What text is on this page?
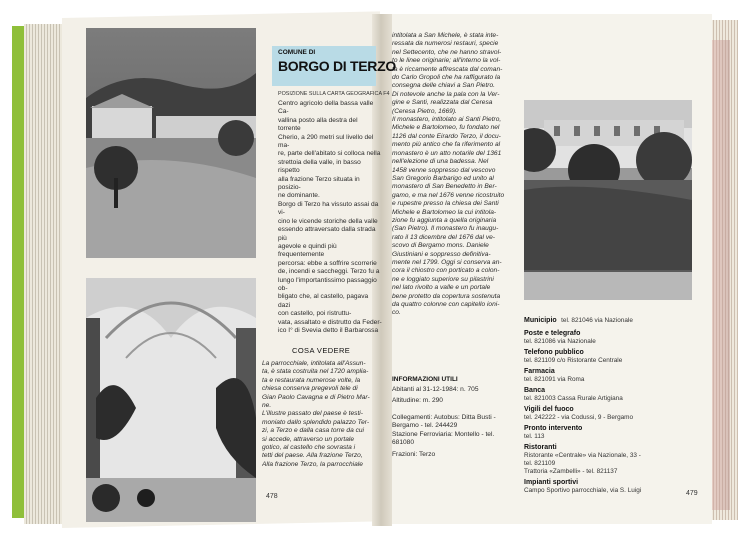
COMUNE DI
BORGO DI TERZO
POSIZIONE SULLA CARTA GEOGRAFICA F4

Centro agricolo della bassa valle Ca-
vallina posto alla destra del torrente
Cherio, a 290 metri sul livello del ma-
re, parte dell'abitato si colloca nella
strettoia della valle, in basso rispetto
alla frazione Terzo situata in posizio-
ne dominante.
Borgo di Terzo ha vissuto assai da vi-
cino le vicende storiche della valle
essendo attraversato dalla strada più
agevole e quindi più frequentemente
percorsa: ebbe a soffrire scorrerie
de, incendi e saccheggi. Terzo fu a
lungo l'importantissimo passaggio ob-
bligato che, al castello, pagava dazi
con castello, poi ristruttu-
vata, assaltato e distrutto da Feder-
ico I° di Svevia detto il Barbarossa

COSA VEDERE

La parrocchiale, intitolata all'Assun-
ta, è stata costruita nel 1720 amplia-
ta e restaurata numerose volte, la
chiesa conserva pregevoli tele di
Gian Paolo Cavagna e di Pietro Mar-
ne.
L'illustre passato del paese è testi-
moniato dallo splendido palazzo Ter-
zi, a Terzo e dalla casa torre da cui
si accede, attraverso un portale
gotico, al castello che sovrasta i
tetti del paese. Alla frazione Terzo,
Alla frazione Terzo, la parrocchiale

478

intitolata a San Michele, è stata inte-
ressata da numerosi restauri, specie
nel Settecento, che ne hanno stravol-
to le linee originarie; all'interno la vol-
ta è riccamente affrescata dal coman-
do Carlo Gropoli che ha raffigurato la
consegna delle chiavi a San Pietro.
Di notevole anche la pala con la Ver-
gine e Santi, realizzata dal Ceresa
(Ceresa Pietro, 1669).
Il monastero, intitolato ai Santi Pietro,
Michele e Bartolomeo, fu fondato nel
1126 dal conte Eirardo Terzo, il docu-
mento più antico che fa riferimento al
monastero è un atto notarile del 1361
nell'elezione di una badessa. Nel
1458 venne soppresso dal vescovo
San Gregorio Barbarigo ed unito al
monastero di San Benedetto in Ber-
gamo, e ma nel 1676 venne ricostruito
e rupestre presso la chiesa dei Santi
Michele e Bartolomeo la cui intitola-
zione fu aggiunta a quella originaria
(San Pietro). Il monastero fu inaugu-
rato il 13 dicembre del 1676 dal ve-
scovo di Bergamo mons. Daniele
Giustiniani e soppresso definitiva-
mente nel 1799. Oggi si conserva an-
cora il chiostro con porticato a colon-
ne e loggiato superiore su pilastrini
nel lato rivolto a valle e un portale
bene protetto da copertura sostenuta
da quattro colonne con capitello ioni-
co.

INFORMAZIONI UTILI

Abitanti al 31-12-1984: n. 705

Altitudine: m. 290

Collegamenti: Autobus: Ditta Busti - Bergamo - tel. 244429
Stazione Ferroviaria: Montello - tel. 681080

Frazioni: Terzo

Municipio tel. 821046 via Nazionale
Poste e telegrafo
tel. 821086 via Nazionale
Telefono pubblico
tel. 821109 c/o Ristorante Centrale
Farmacia
tel. 821091 via Roma
Banca
tel. 821003 Cassa Rurale Artigiana
Vigili del fuoco
tel. 242222 - via Codussi, 9 - Bergamo
Pronto intervento
tel. 113
Ristoranti
Ristorante «Centrale» via Nazionale, 33 -
tel. 821109
Trattoria «Zambelli» - tel. 821137
Impianti sportivi
Campo Sportivo parrocchiale, via S. Luigi	479
